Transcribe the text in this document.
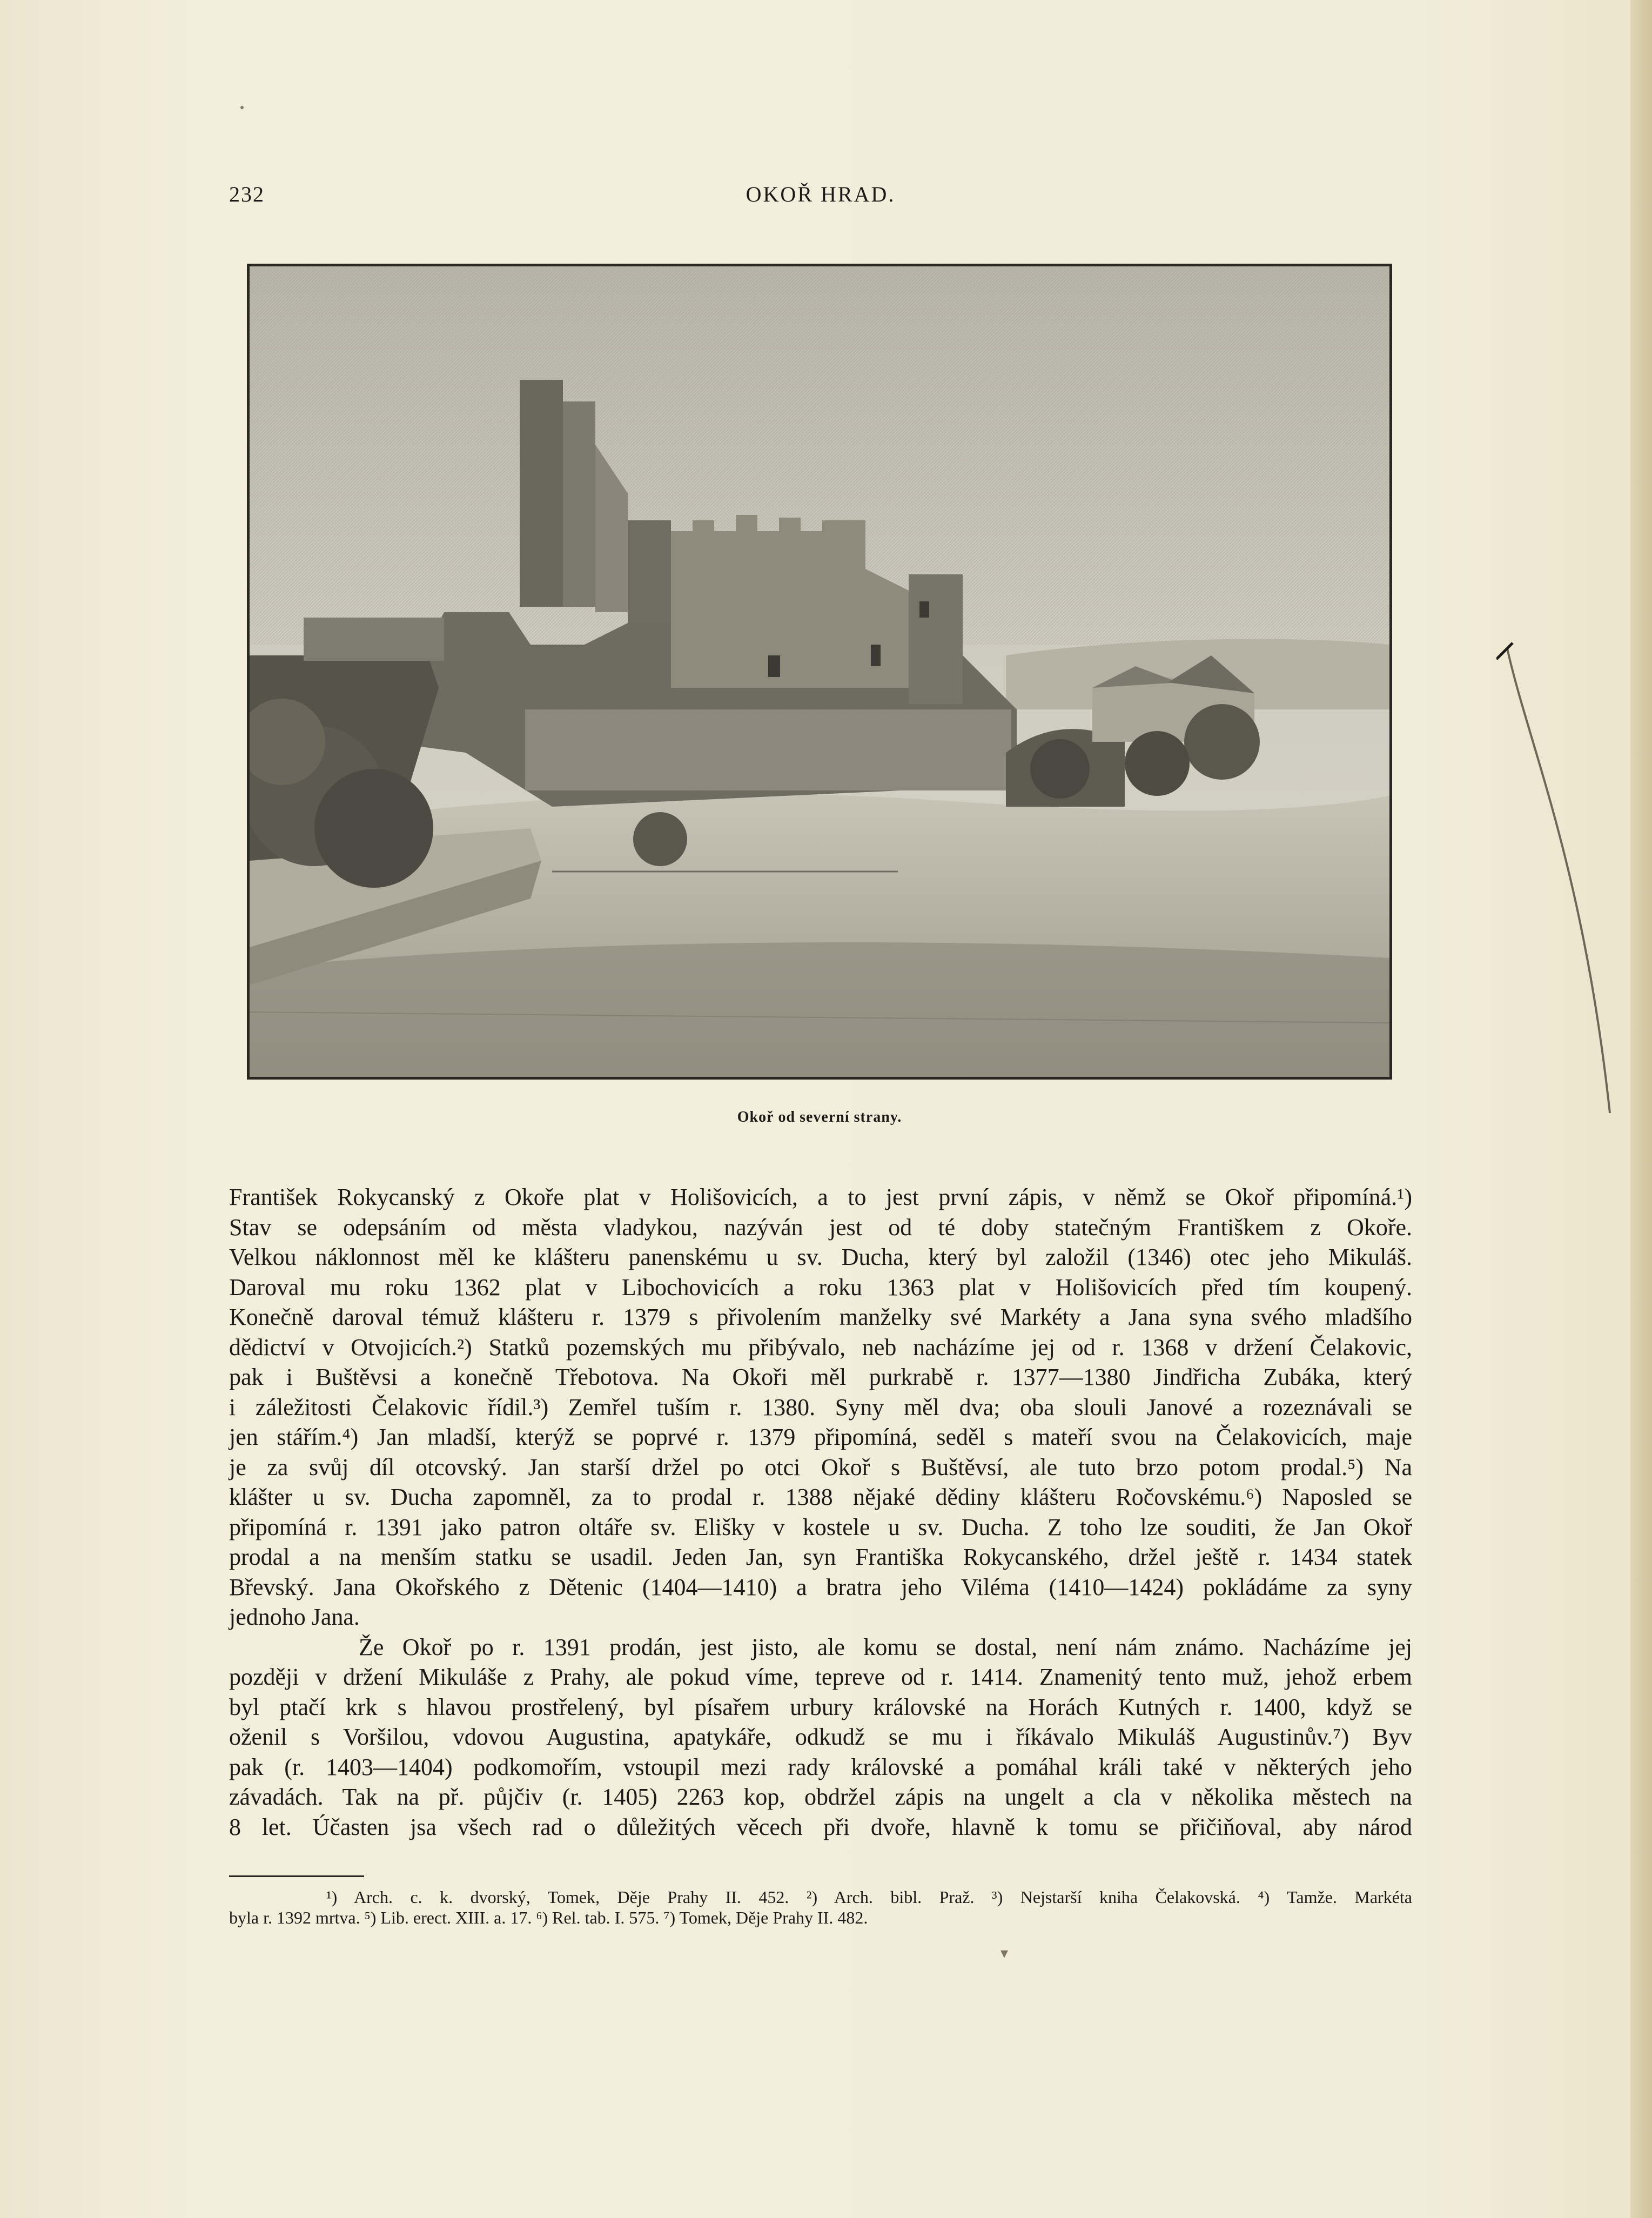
232	OKOŘ HRAD.
Okoř od severní strany.
František Rokycanský z Okoře plat v Holišovicích, a to jest první zápis, v němž se Okoř připomíná.¹)
Stav se odepsáním od města vladykou, nazýván jest od té doby statečným Františkem z Okoře.
Velkou náklonnost měl ke klášteru panenskému u sv. Ducha, který byl založil (1346) otec jeho Mikuláš.
Daroval mu roku 1362 plat v Libochovicích a roku 1363 plat v Holišovicích před tím koupený.
Konečně daroval témuž klášteru r. 1379 s přivolením manželky své Markéty a Jana syna svého mladšího
dědictví v Otvojicích.²) Statků pozemských mu přibývalo, neb nacházíme jej od r. 1368 v držení Čelakovic,
pak i Buštěvsi a konečně Třebotova. Na Okoři měl purkrabě r. 1377—1380 Jindřicha Zubáka, který
i záležitosti Čelakovic řídil.³) Zemřel tuším r. 1380. Syny měl dva; oba slouli Janové a rozeznávali se
jen stářím.⁴) Jan mladší, kterýž se poprvé r. 1379 připomíná, seděl s mateří svou na Čelakovicích, maje
je za svůj díl otcovský. Jan starší držel po otci Okoř s Buštěvsí, ale tuto brzo potom prodal.⁵) Na
klášter u sv. Ducha zapomněl, za to prodal r. 1388 nějaké dědiny klášteru Ročovskému.⁶) Naposled se
připomíná r. 1391 jako patron oltáře sv. Elišky v kostele u sv. Ducha. Z toho lze souditi, že Jan Okoř
prodal a na menším statku se usadil. Jeden Jan, syn Františka Rokycanského, držel ještě r. 1434 statek
Břevský. Jana Okořského z Dětenic (1404—1410) a bratra jeho Viléma (1410—1424) pokládáme za syny
jednoho Jana.
Že Okoř po r. 1391 prodán, jest jisto, ale komu se dostal, není nám známo. Nacházíme jej
později v držení Mikuláše z Prahy, ale pokud víme, tepreve od r. 1414. Znamenitý tento muž, jehož erbem
byl ptačí krk s hlavou prostřelený, byl písařem urbury královské na Horách Kutných r. 1400, když se
oženil s Voršilou, vdovou Augustina, apatykáře, odkudž se mu i říkávalo Mikuláš Augustinův.⁷) Byv
pak (r. 1403—1404) podkomořím, vstoupil mezi rady královské a pomáhal králi také v některých jeho
závadách. Tak na př. půjčiv (r. 1405) 2263 kop, obdržel zápis na ungelt a cla v několika městech na
8 let. Účasten jsa všech rad o důležitých věcech při dvoře, hlavně k tomu se přičiňoval, aby národ
¹) Arch. c. k. dvorský, Tomek, Děje Prahy II. 452. ²) Arch. bibl. Praž. ³) Nejstarší kniha Čelakovská. ⁴) Tamže. Markéta
byla r. 1392 mrtva. ⁵) Lib. erect. XIII. a. 17. ⁶) Rel. tab. I. 575. ⁷) Tomek, Děje Prahy II. 482.
▾
